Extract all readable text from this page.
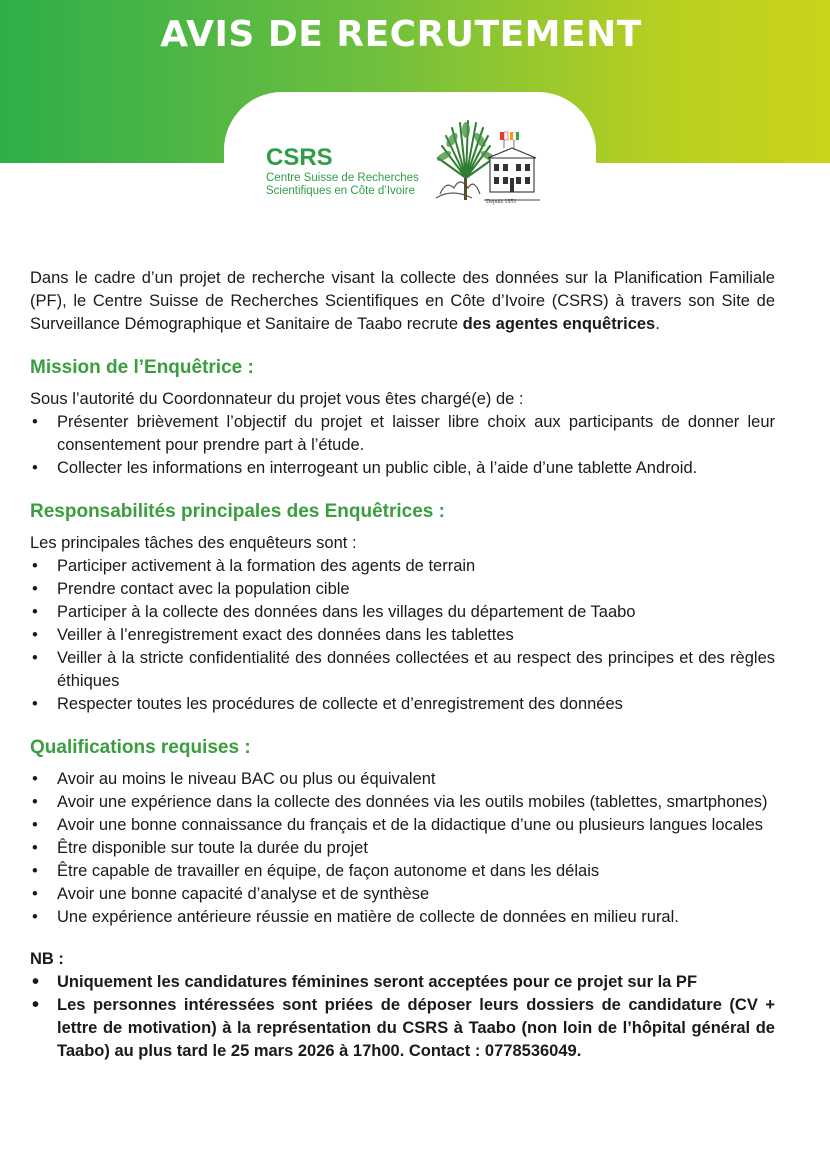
AVIS DE RECRUTEMENT
CSRS
Centre Suisse de Recherches
Scientifiques en Côte d’Ivoire
Depuis 1951

Dans le cadre d’un projet de recherche visant la collecte des données sur la Planification Familiale (PF), le Centre Suisse de Recherches Scientifiques en Côte d’Ivoire (CSRS) à travers son Site de Surveillance Démographique et Sanitaire de Taabo recrute des agentes enquêtrices.

Mission de l’Enquêtrice :

Sous l’autorité du Coordonnateur du projet vous êtes chargé(e) de :

• Présenter brièvement l’objectif du projet et laisser libre choix aux participants de donner leur consentement pour prendre part à l’étude.
• Collecter les informations en interrogeant un public cible, à l’aide d’une tablette Android.
Responsabilités principales des Enquêtrices :

Les principales tâches des enquêteurs sont :

• Participer activement à la formation des agents de terrain
• Prendre contact avec la population cible
• Participer à la collecte des données dans les villages du département de Taabo
• Veiller à l’enregistrement exact des données dans les tablettes
• Veiller à la stricte confidentialité des données collectées et au respect des principes et des règles éthiques
• Respecter toutes les procédures de collecte et d’enregistrement des données
Qualifications requises :
• Avoir au moins le niveau BAC ou plus ou équivalent
• Avoir une expérience dans la collecte des données via les outils mobiles (tablettes, smartphones)
• Avoir une bonne connaissance du français et de la didactique d’une ou plusieurs langues locales
• Être disponible sur toute la durée du projet
• Être capable de travailler en équipe, de façon autonome et dans les délais
• Avoir une bonne capacité d’analyse et de synthèse
• Une expérience antérieure réussie en matière de collecte de données en milieu rural.

NB :

• Uniquement les candidatures féminines seront acceptées pour ce projet sur la PF
• Les personnes intéressées sont priées de déposer leurs dossiers de candidature (CV + lettre de motivation) à la représentation du CSRS à Taabo (non loin de l’hôpital général de Taabo) au plus tard le 25 mars 2026 à 17h00. Contact : 0778536049.
